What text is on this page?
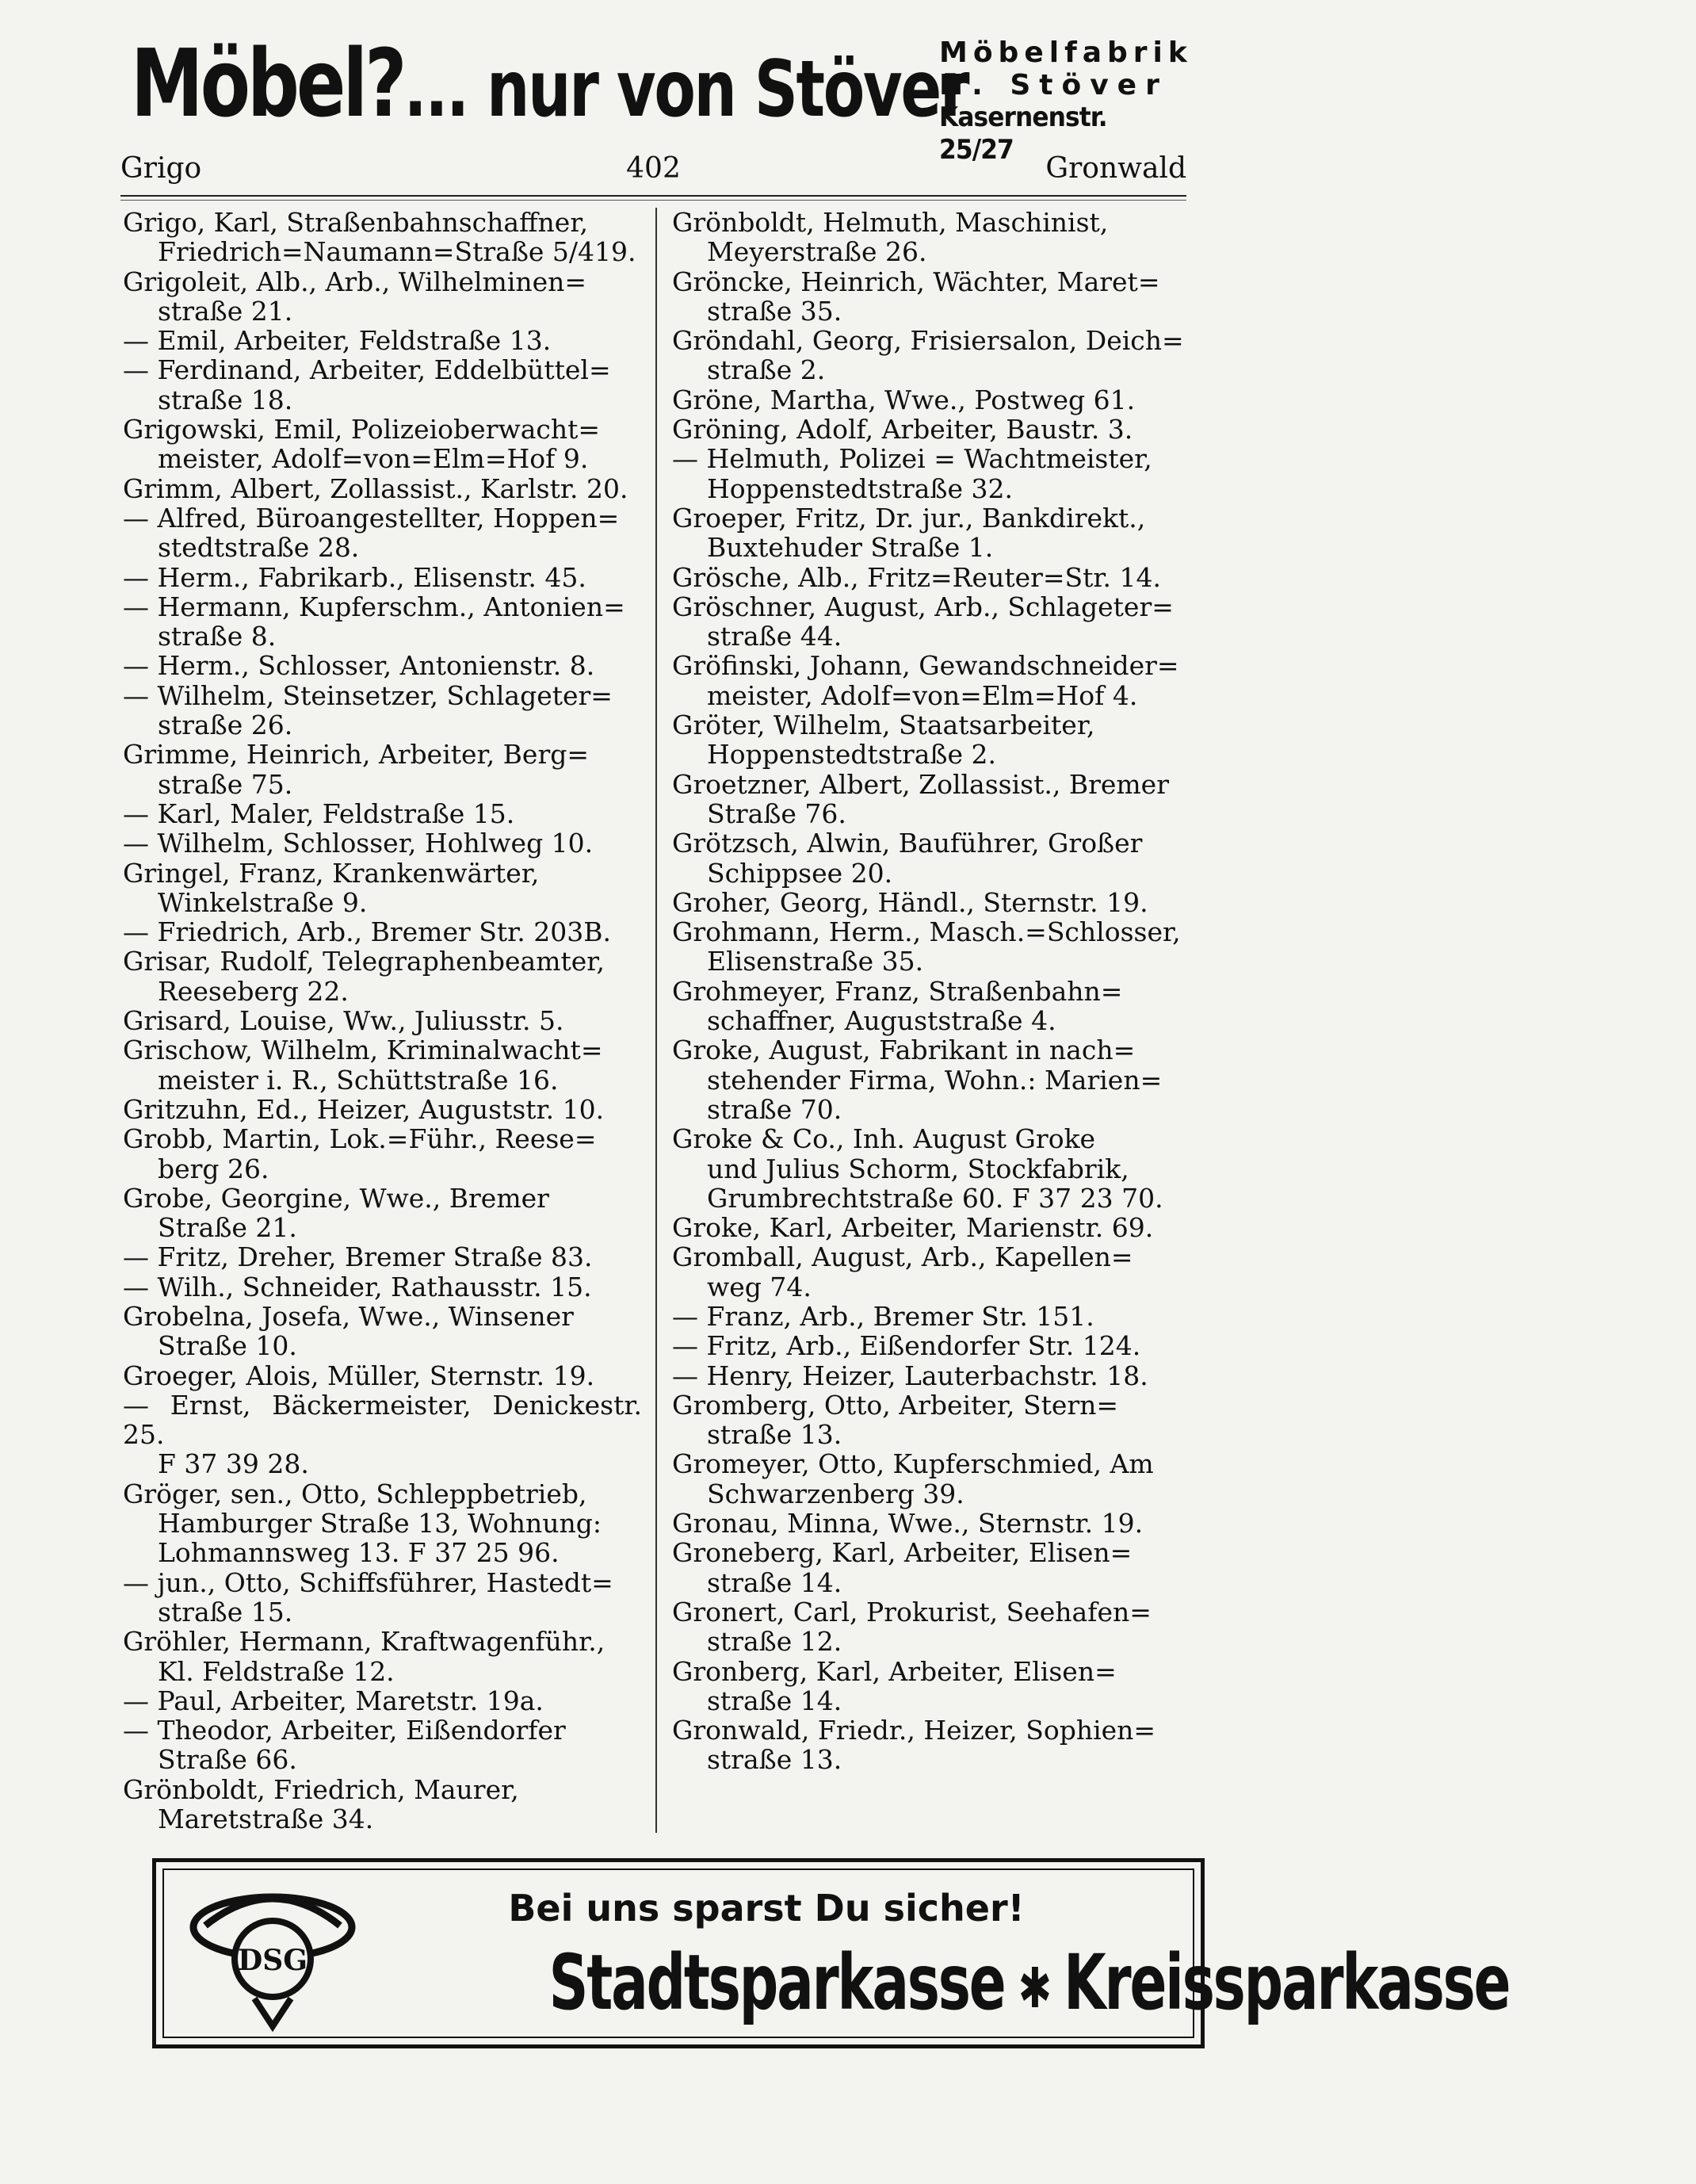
Möbel?... nur von Stöver
Möbelfabrik
H. Stöver
Kasernenstr. 25/27
Grigo	402	Gronwald
Grigo, Karl, Straßenbahnschaffner,
Friedrich=Naumann=Straße 5/419.
Grigoleit, Alb., Arb., Wilhelminen=
straße 21.
— Emil, Arbeiter, Feldstraße 13.
— Ferdinand, Arbeiter, Eddelbüttel=
straße 18.
Grigowski, Emil, Polizeioberwacht=
meister, Adolf=von=Elm=Hof 9.
Grimm, Albert, Zollassist., Karlstr. 20.
— Alfred, Büroangestellter, Hoppen=
stedtstraße 28.
— Herm., Fabrikarb., Elisenstr. 45.
— Hermann, Kupferschm., Antonien=
straße 8.
— Herm., Schlosser, Antonienstr. 8.
— Wilhelm, Steinsetzer, Schlageter=
straße 26.
Grimme, Heinrich, Arbeiter, Berg=
straße 75.
— Karl, Maler, Feldstraße 15.
— Wilhelm, Schlosser, Hohlweg 10.
Gringel, Franz, Krankenwärter,
Winkelstraße 9.
— Friedrich, Arb., Bremer Str. 203B.
Grisar, Rudolf, Telegraphenbeamter,
Reeseberg 22.
Grisard, Louise, Ww., Juliusstr. 5.
Grischow, Wilhelm, Kriminalwacht=
meister i. R., Schüttstraße 16.
Gritzuhn, Ed., Heizer, Auguststr. 10.
Grobb, Martin, Lok.=Führ., Reese=
berg 26.
Grobe, Georgine, Wwe., Bremer
Straße 21.
— Fritz, Dreher, Bremer Straße 83.
— Wilh., Schneider, Rathausstr. 15.
Grobelna, Josefa, Wwe., Winsener
Straße 10.
Groeger, Alois, Müller, Sternstr. 19.
— Ernst, Bäckermeister, Denickestr. 25.
F 37 39 28.
Gröger, sen., Otto, Schleppbetrieb,
Hamburger Straße 13, Wohnung:
Lohmannsweg 13. F 37 25 96.
— jun., Otto, Schiffsführer, Hastedt=
straße 15.
Gröhler, Hermann, Kraftwagenführ.,
Kl. Feldstraße 12.
— Paul, Arbeiter, Maretstr. 19a.
— Theodor, Arbeiter, Eißendorfer
Straße 66.
Grönboldt, Friedrich, Maurer,
Maretstraße 34.
Grönboldt, Helmuth, Maschinist,
Meyerstraße 26.
Gröncke, Heinrich, Wächter, Maret=
straße 35.
Gröndahl, Georg, Frisiersalon, Deich=
straße 2.
Gröne, Martha, Wwe., Postweg 61.
Gröning, Adolf, Arbeiter, Baustr. 3.
— Helmuth, Polizei = Wachtmeister,
Hoppenstedtstraße 32.
Groeper, Fritz, Dr. jur., Bankdirekt.,
Buxtehuder Straße 1.
Grösche, Alb., Fritz=Reuter=Str. 14.
Gröschner, August, Arb., Schlageter=
straße 44.
Gröfinski, Johann, Gewandschneider=
meister, Adolf=von=Elm=Hof 4.
Gröter, Wilhelm, Staatsarbeiter,
Hoppenstedtstraße 2.
Groetzner, Albert, Zollassist., Bremer
Straße 76.
Grötzsch, Alwin, Bauführer, Großer
Schippsee 20.
Groher, Georg, Händl., Sternstr. 19.
Grohmann, Herm., Masch.=Schlosser,
Elisenstraße 35.
Grohmeyer, Franz, Straßenbahn=
schaffner, Auguststraße 4.
Groke, August, Fabrikant in nach=
stehender Firma, Wohn.: Marien=
straße 70.
Groke & Co., Inh. August Groke
und Julius Schorm, Stockfabrik,
Grumbrechtstraße 60. F 37 23 70.
Groke, Karl, Arbeiter, Marienstr. 69.
Gromball, August, Arb., Kapellen=
weg 74.
— Franz, Arb., Bremer Str. 151.
— Fritz, Arb., Eißendorfer Str. 124.
— Henry, Heizer, Lauterbachstr. 18.
Gromberg, Otto, Arbeiter, Stern=
straße 13.
Gromeyer, Otto, Kupferschmied, Am
Schwarzenberg 39.
Gronau, Minna, Wwe., Sternstr. 19.
Groneberg, Karl, Arbeiter, Elisen=
straße 14.
Gronert, Carl, Prokurist, Seehafen=
straße 12.
Gronberg, Karl, Arbeiter, Elisen=
straße 14.
Gronwald, Friedr., Heizer, Sophien=
straße 13.
DSG
Bei uns sparst Du sicher!
Stadtsparkasse ✱ Kreissparkasse
